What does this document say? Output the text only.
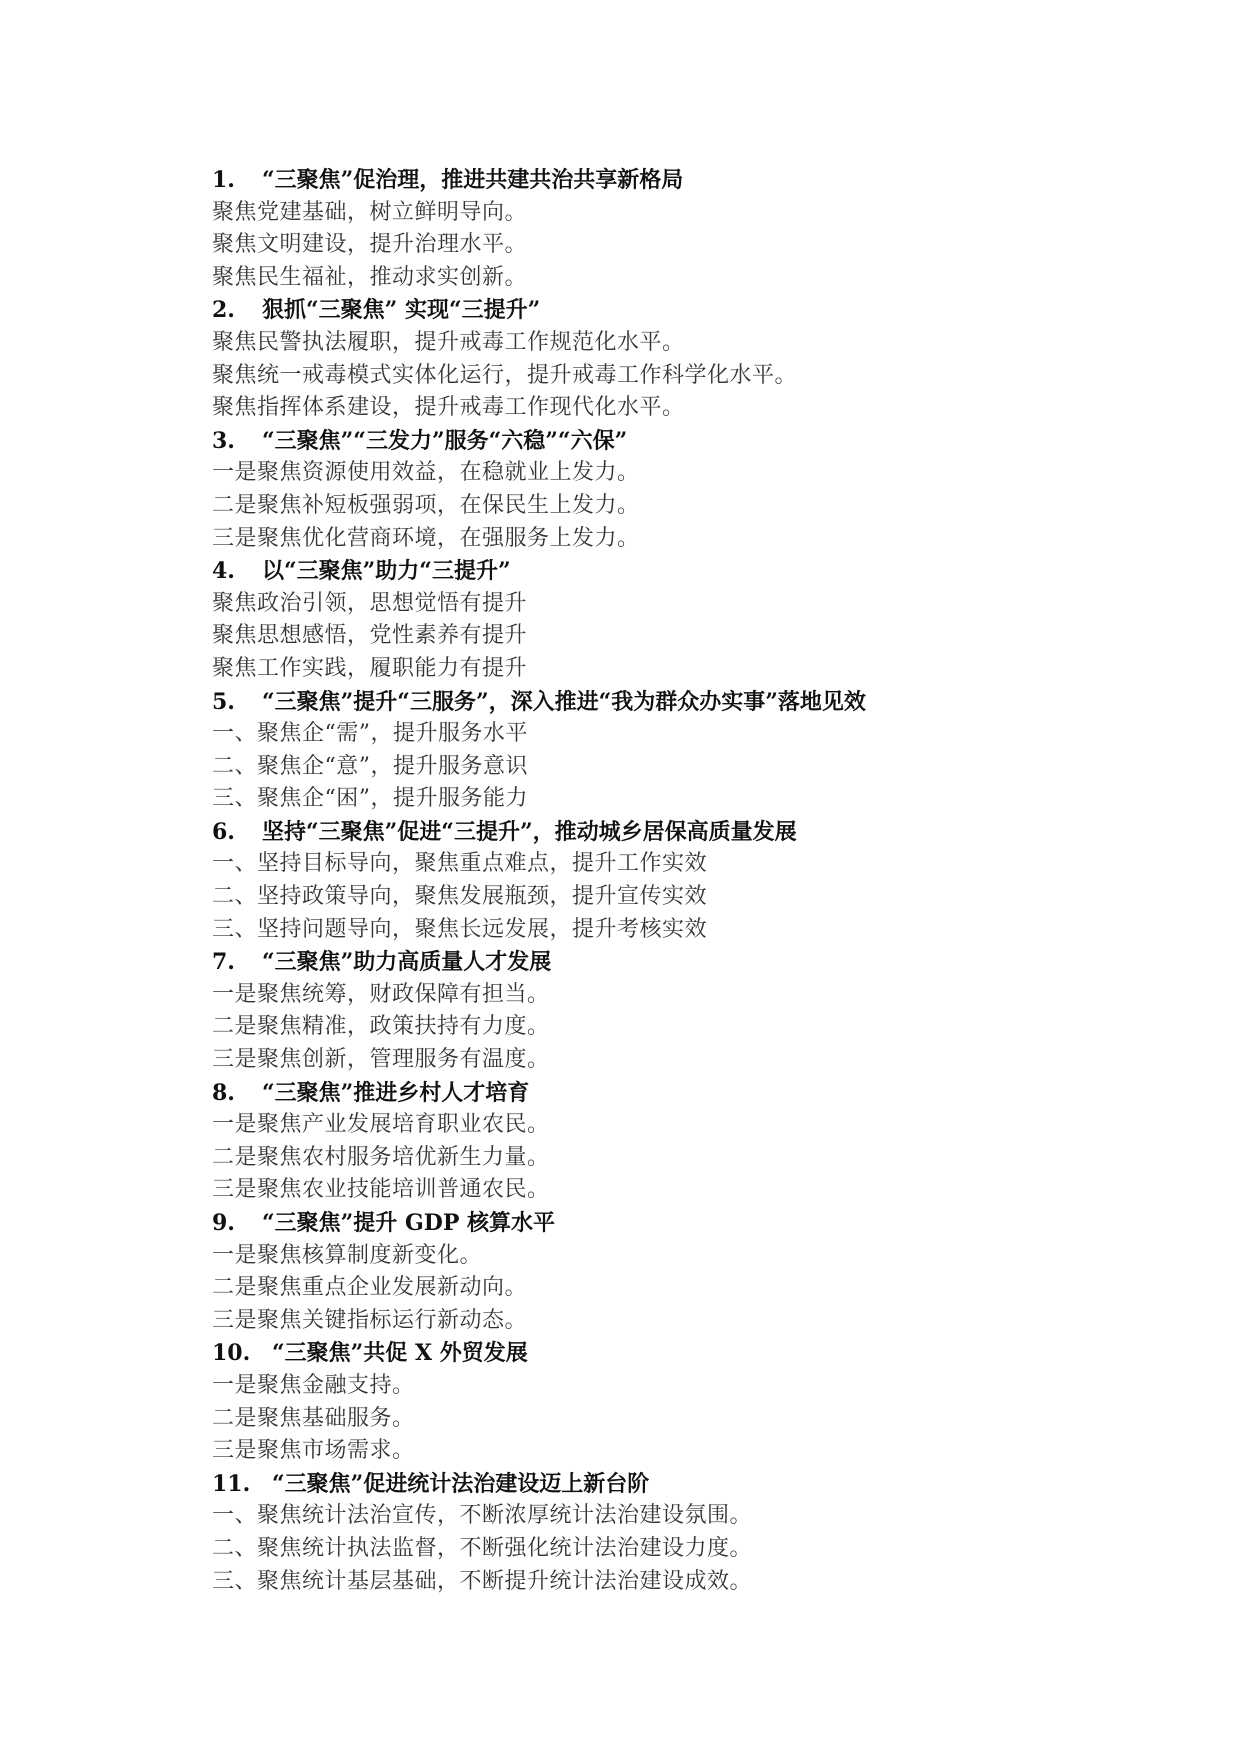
1. “三聚焦”促治理，推进共建共治共享新格局
聚焦党建基础，树立鲜明导向。
聚焦文明建设，提升治理水平。
聚焦民生福祉，推动求实创新。
2. 狠抓“三聚焦” 实现“三提升”
聚焦民警执法履职，提升戒毒工作规范化水平。
聚焦统一戒毒模式实体化运行，提升戒毒工作科学化水平。
聚焦指挥体系建设，提升戒毒工作现代化水平。
3. “三聚焦”“三发力”服务“六稳”“六保”
一是聚焦资源使用效益，在稳就业上发力。
二是聚焦补短板强弱项，在保民生上发力。
三是聚焦优化营商环境，在强服务上发力。
4. 以“三聚焦”助力“三提升”
聚焦政治引领，思想觉悟有提升
聚焦思想感悟，党性素养有提升
聚焦工作实践，履职能力有提升
5. “三聚焦”提升“三服务”，深入推进“我为群众办实事”落地见效
一、聚焦企“需”，提升服务水平
二、聚焦企“意”，提升服务意识
三、聚焦企“困”，提升服务能力
6. 坚持“三聚焦”促进“三提升”，推动城乡居保高质量发展
一、坚持目标导向，聚焦重点难点，提升工作实效
二、坚持政策导向，聚焦发展瓶颈，提升宣传实效
三、坚持问题导向，聚焦长远发展，提升考核实效
7. “三聚焦”助力高质量人才发展
一是聚焦统筹，财政保障有担当。
二是聚焦精准，政策扶持有力度。
三是聚焦创新，管理服务有温度。
8. “三聚焦”推进乡村人才培育
一是聚焦产业发展培育职业农民。
二是聚焦农村服务培优新生力量。
三是聚焦农业技能培训普通农民。
9. “三聚焦”提升 GDP 核算水平
一是聚焦核算制度新变化。
二是聚焦重点企业发展新动向。
三是聚焦关键指标运行新动态。
10. “三聚焦”共促 X 外贸发展
一是聚焦金融支持。
二是聚焦基础服务。
三是聚焦市场需求。
11. “三聚焦”促进统计法治建设迈上新台阶
一、聚焦统计法治宣传，不断浓厚统计法治建设氛围。
二、聚焦统计执法监督，不断强化统计法治建设力度。
三、聚焦统计基层基础，不断提升统计法治建设成效。
